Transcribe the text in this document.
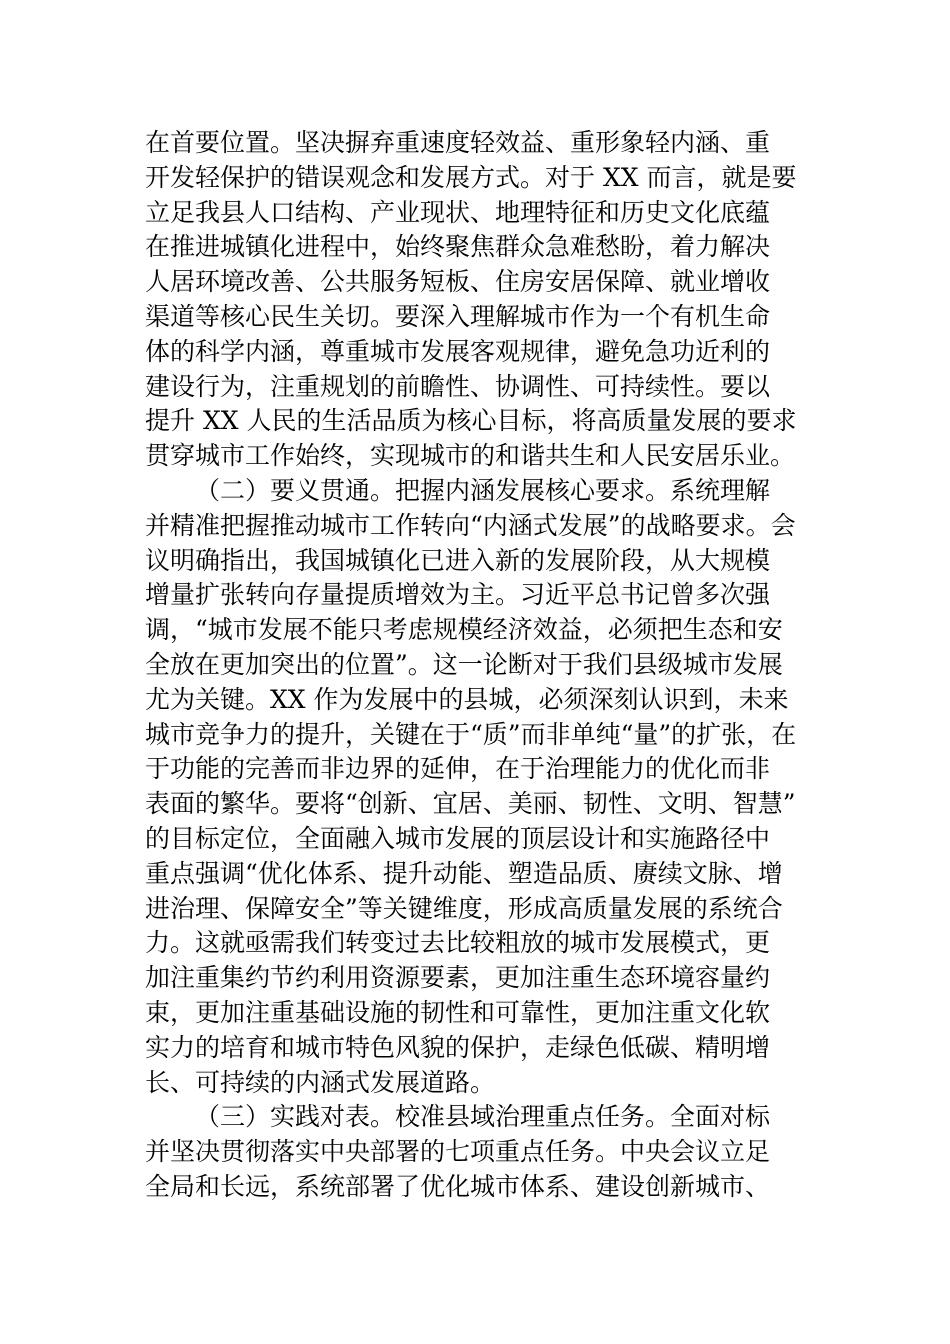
在首要位置。坚决摒弃重速度轻效益、重形象轻内涵、重
开发轻保护的错误观念和发展方式。对于 XX 而言，就是要
立足我县人口结构、产业现状、地理特征和历史文化底蕴
在推进城镇化进程中，始终聚焦群众急难愁盼，着力解决
人居环境改善、公共服务短板、住房安居保障、就业增收
渠道等核心民生关切。要深入理解城市作为一个有机生命
体的科学内涵，尊重城市发展客观规律，避免急功近利的
建设行为，注重规划的前瞻性、协调性、可持续性。要以
提升 XX 人民的生活品质为核心目标，将高质量发展的要求
贯穿城市工作始终，实现城市的和谐共生和人民安居乐业。
（二）要义贯通。把握内涵发展核心要求。系统理解
并精准把握推动城市工作转向“内涵式发展”的战略要求。会
议明确指出，我国城镇化已进入新的发展阶段，从大规模
增量扩张转向存量提质增效为主。习近平总书记曾多次强
调，“城市发展不能只考虑规模经济效益，必须把生态和安
全放在更加突出的位置”。这一论断对于我们县级城市发展
尤为关键。XX 作为发展中的县城，必须深刻认识到，未来
城市竞争力的提升，关键在于“质”而非单纯“量”的扩张，在
于功能的完善而非边界的延伸，在于治理能力的优化而非
表面的繁华。要将“创新、宜居、美丽、韧性、文明、智慧”
的目标定位，全面融入城市发展的顶层设计和实施路径中
重点强调“优化体系、提升动能、塑造品质、赓续文脉、增
进治理、保障安全”等关键维度，形成高质量发展的系统合
力。这就亟需我们转变过去比较粗放的城市发展模式，更
加注重集约节约利用资源要素，更加注重生态环境容量约
束，更加注重基础设施的韧性和可靠性，更加注重文化软
实力的培育和城市特色风貌的保护，走绿色低碳、精明增
长、可持续的内涵式发展道路。
（三）实践对表。校准县域治理重点任务。全面对标
并坚决贯彻落实中央部署的七项重点任务。中央会议立足
全局和长远，系统部署了优化城市体系、建设创新城市、
